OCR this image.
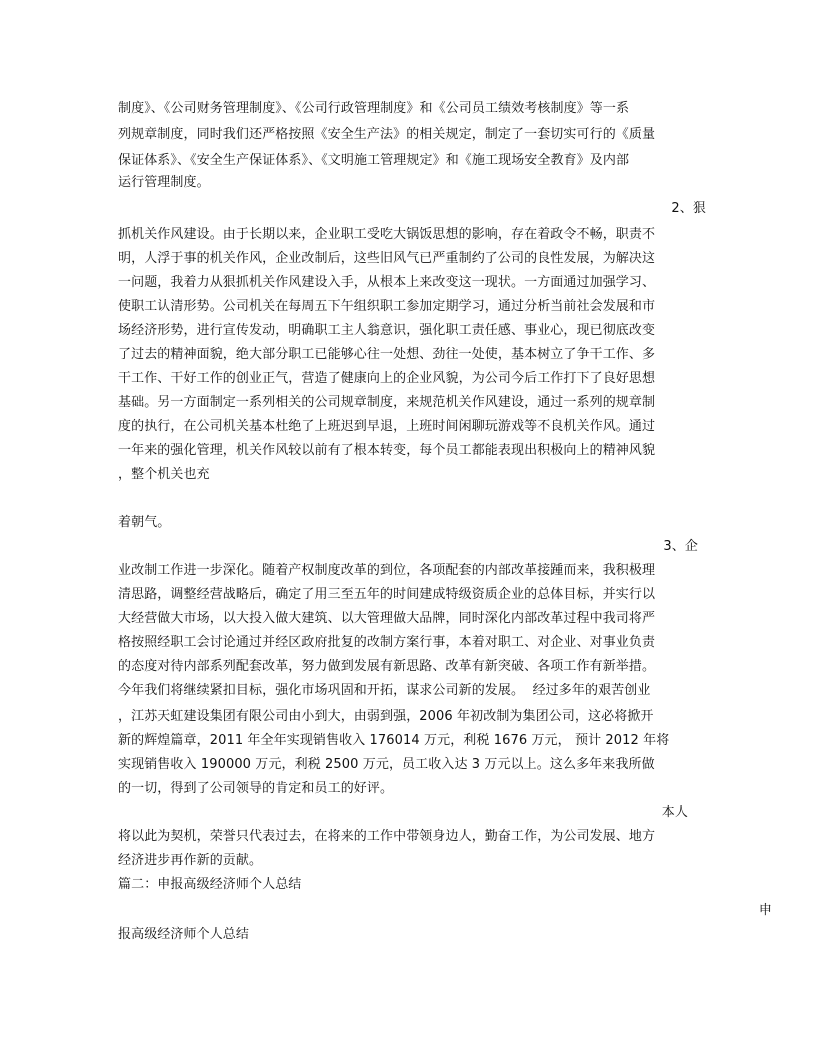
制度》、《公司财务管理制度》、《公司行政管理制度》和《公司员工绩效考核制度》等一系
列规章制度，同时我们还严格按照《安全生产法》的相关规定，制定了一套切实可行的《质量
保证体系》、《安全生产保证体系》、《文明施工管理规定》和《施工现场安全教育》及内部
运行管理制度。
2、狠
抓机关作风建设。由于长期以来，企业职工受吃大锅饭思想的影响，存在着政令不畅，职责不
明，人浮于事的机关作风，企业改制后，这些旧风气已严重制约了公司的良性发展，为解决这
一问题，我着力从狠抓机关作风建设入手，从根本上来改变这一现状。一方面通过加强学习、
使职工认清形势。公司机关在每周五下午组织职工参加定期学习，通过分析当前社会发展和市
场经济形势，进行宣传发动，明确职工主人翁意识，强化职工责任感、事业心，现已彻底改变
了过去的精神面貌，绝大部分职工已能够心往一处想、劲往一处使，基本树立了争干工作、多
干工作、干好工作的创业正气，营造了健康向上的企业风貌，为公司今后工作打下了良好思想
基础。另一方面制定一系列相关的公司规章制度，来规范机关作风建设，通过一系列的规章制
度的执行，在公司机关基本杜绝了上班迟到早退，上班时间闲聊玩游戏等不良机关作风。通过
一年来的强化管理，机关作风较以前有了根本转变，每个员工都能表现出积极向上的精神风貌
，整个机关也充
着朝气。
3、企
业改制工作进一步深化。随着产权制度改革的到位，各项配套的内部改革接踵而来，我积极理
清思路，调整经营战略后，确定了用三至五年的时间建成特级资质企业的总体目标，并实行以
大经营做大市场，以大投入做大建筑、以大管理做大品牌，同时深化内部改革过程中我司将严
格按照经职工会讨论通过并经区政府批复的改制方案行事，本着对职工、对企业、对事业负责
的态度对待内部系列配套改革，努力做到发展有新思路、改革有新突破、各项工作有新举措。
今年我们将继续紧扣目标，强化市场巩固和开拓，谋求公司新的发展。  经过多年的艰苦创业
，江苏天虹建设集团有限公司由小到大，由弱到强，2006 年初改制为集团公司，这必将掀开
新的辉煌篇章，2011 年全年实现销售收入 176014 万元，利税 1676 万元， 预计 2012 年将
实现销售收入 190000 万元，利税 2500 万元，员工收入达 3 万元以上。这么多年来我所做
的一切，得到了公司领导的肯定和员工的好评。
本人
将以此为契机，荣誉只代表过去，在将来的工作中带领身边人，勤奋工作，为公司发展、地方
经济进步再作新的贡献。
篇二：申报高级经济师个人总结
申
报高级经济师个人总结
